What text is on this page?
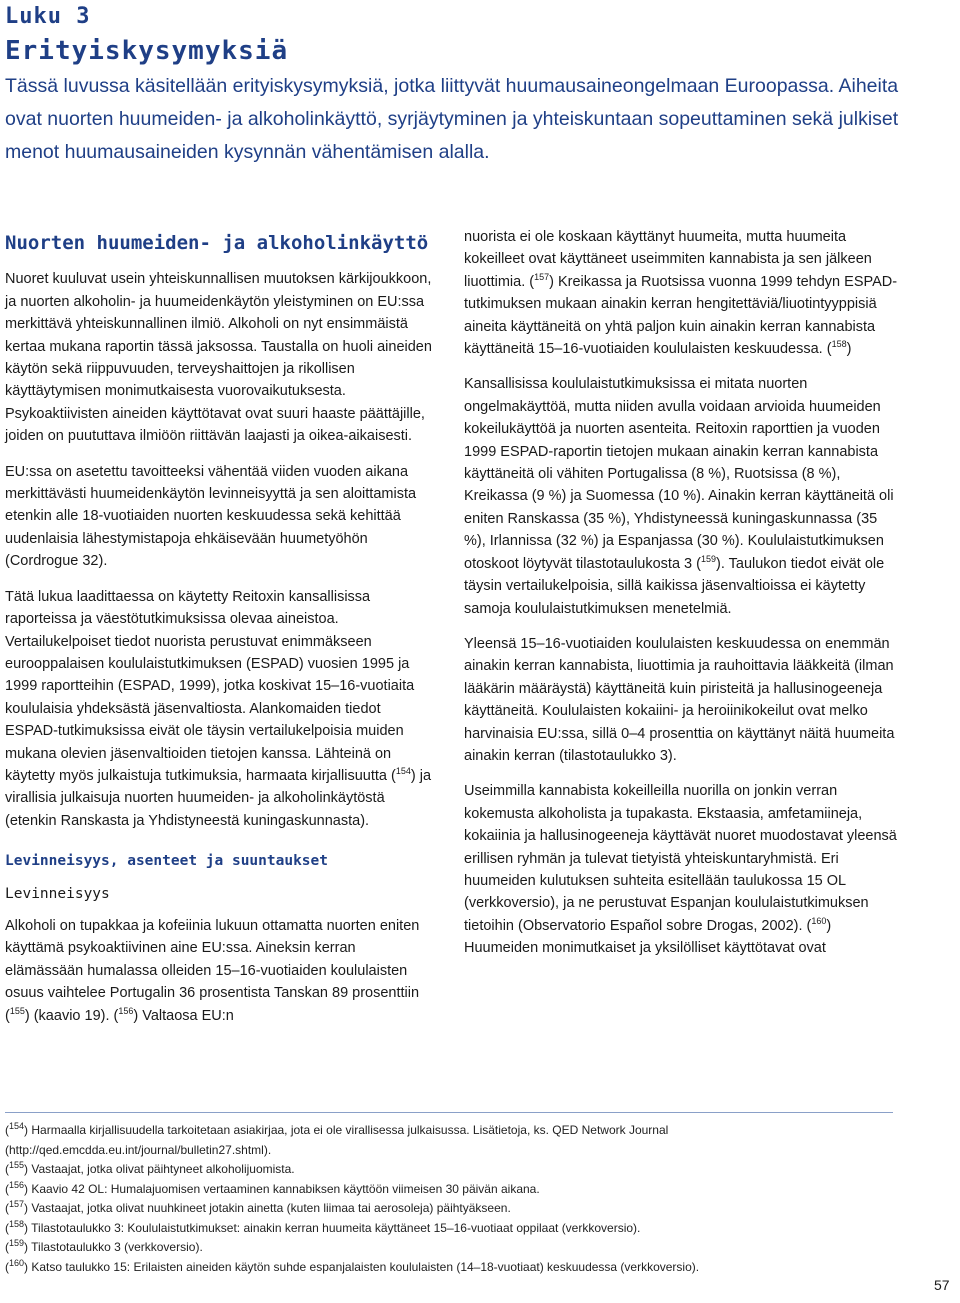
Luku 3
Erityiskysymyksiä

Tässä luvussa käsitellään erityiskysymyksiä, jotka liittyvät huumausaineongelmaan Euroopassa. Aiheita ovat nuorten huumeiden- ja alkoholinkäyttö, syrjäytyminen ja yhteiskuntaan sopeuttaminen sekä julkiset menot huumausaineiden kysynnän vähentämisen alalla.

Nuorten huumeiden- ja alkoholinkäyttö

Nuoret kuuluvat usein yhteiskunnallisen muutoksen kärkijoukkoon, ja nuorten alkoholin- ja huumeidenkäytön yleistyminen on EU:ssa merkittävä yhteiskunnallinen ilmiö. Alkoholi on nyt ensimmäistä kertaa mukana raportin tässä jaksossa. Taustalla on huoli aineiden käytön sekä riippuvuuden, terveyshaittojen ja rikollisen käyttäytymisen monimutkaisesta vuorovaikutuksesta. Psykoaktiivisten aineiden käyttötavat ovat suuri haaste päättäjille, joiden on puututtava ilmiöön riittävän laajasti ja oikea-aikaisesti.

EU:ssa on asetettu tavoitteeksi vähentää viiden vuoden aikana merkittävästi huumeidenkäytön levinneisyyttä ja sen aloittamista etenkin alle 18-vuotiaiden nuorten keskuudessa sekä kehittää uudenlaisia lähestymistapoja ehkäisevään huumetyöhön (Cordrogue 32).

Tätä lukua laadittaessa on käytetty Reitoxin kansallisissa raporteissa ja väestötutkimuksissa olevaa aineistoa. Vertailukelpoiset tiedot nuorista perustuvat enimmäkseen eurooppalaisen koululaistutkimuksen (ESPAD) vuosien 1995 ja 1999 raportteihin (ESPAD, 1999), jotka koskivat 15–16-vuotiaita koululaisia yhdeksästä jäsenvaltiosta. Alankomaiden tiedot ESPAD-tutkimuksissa eivät ole täysin vertailukelpoisia muiden mukana olevien jäsenvaltioiden tietojen kanssa. Lähteinä on käytetty myös julkaistuja tutkimuksia, harmaata kirjallisuutta ($^{154}$) ja virallisia julkaisuja nuorten huumeiden- ja alkoholinkäytöstä (etenkin Ranskasta ja Yhdistyneestä kuningaskunnasta).

Levinneisyys, asenteet ja suuntaukset
Levinneisyys

Alkoholi on tupakkaa ja kofeiinia lukuun ottamatta nuorten eniten käyttämä psykoaktiivinen aine EU:ssa. Aineksin kerran elämässään humalassa olleiden 15–16-vuotiaiden koululaisten osuus vaihtelee Portugalin 36 prosentista Tanskan 89 prosenttiin ($^{155}$) (kaavio 19). ($^{156}$) Valtaosa EU:n

nuorista ei ole koskaan käyttänyt huumeita, mutta huumeita kokeilleet ovat käyttäneet useimmiten kannabista ja sen jälkeen liuottimia. ($^{157}$) Kreikassa ja Ruotsissa vuonna 1999 tehdyn ESPAD-tutkimuksen mukaan ainakin kerran hengitettäviä/liuotintyyppisiä aineita käyttäneitä on yhtä paljon kuin ainakin kerran kannabista käyttäneitä 15–16-vuotiaiden koululaisten keskuudessa. ($^{158}$)

Kansallisissa koululaistutkimuksissa ei mitata nuorten ongelmakäyttöä, mutta niiden avulla voidaan arvioida huumeiden kokeilukäyttöä ja nuorten asenteita. Reitoxin raporttien ja vuoden 1999 ESPAD-raportin tietojen mukaan ainakin kerran kannabista käyttäneitä oli vähiten Portugalissa (8 %), Ruotsissa (8 %), Kreikassa (9 %) ja Suomessa (10 %). Ainakin kerran käyttäneitä oli eniten Ranskassa (35 %), Yhdistyneessä kuningaskunnassa (35 %), Irlannissa (32 %) ja Espanjassa (30 %). Koululaistutkimuksen otoskoot löytyvät tilastotaulukosta 3 ($^{159}$). Taulukon tiedot eivät ole täysin vertailukelpoisia, sillä kaikissa jäsenvaltioissa ei käytetty samoja koululaistutkimuksen menetelmiä.

Yleensä 15–16-vuotiaiden koululaisten keskuudessa on enemmän ainakin kerran kannabista, liuottimia ja rauhoittavia lääkkeitä (ilman lääkärin määräystä) käyttäneitä kuin piristeitä ja hallusinogeeneja käyttäneitä. Koululaisten kokaiini- ja heroiinikokeilut ovat melko harvinaisia EU:ssa, sillä 0–4 prosenttia on käyttänyt näitä huumeita ainakin kerran (tilastotaulukko 3).

Useimmilla kannabista kokeilleilla nuorilla on jonkin verran kokemusta alkoholista ja tupakasta. Ekstaasia, amfetamiineja, kokaiinia ja hallusinogeeneja käyttävät nuoret muodostavat yleensä erillisen ryhmän ja tulevat tietyistä yhteiskuntaryhmistä. Eri huumeiden kulutuksen suhteita esitellään taulukossa 15 OL (verkkoversio), ja ne perustuvat Espanjan koululaistutkimuksen tietoihin (Observatorio Español sobre Drogas, 2002). ($^{160}$) Huumeiden monimutkaiset ja yksilölliset käyttötavat ovat

($^{154}$) Harmaalla kirjallisuudella tarkoitetaan asiakirjaa, jota ei ole virallisessa julkaisussa. Lisätietoja, ks. QED Network Journal (http://qed.emcdda.eu.int/journal/bulletin27.shtml).

($^{155}$) Vastaajat, jotka olivat päihtyneet alkoholijuomista.

($^{156}$) Kaavio 42 OL: Humalajuomisen vertaaminen kannabiksen käyttöön viimeisen 30 päivän aikana.

($^{157}$) Vastaajat, jotka olivat nuuhkineet jotakin ainetta (kuten liimaa tai aerosoleja) päihtyäkseen.

($^{158}$) Tilastotaulukko 3: Koululaistutkimukset: ainakin kerran huumeita käyttäneet 15–16-vuotiaat oppilaat (verkkoversio).

($^{159}$) Tilastotaulukko 3 (verkkoversio).

($^{160}$) Katso taulukko 15: Erilaisten aineiden käytön suhde espanjalaisten koululaisten (14–18-vuotiaat) keskuudessa (verkkoversio).

57
